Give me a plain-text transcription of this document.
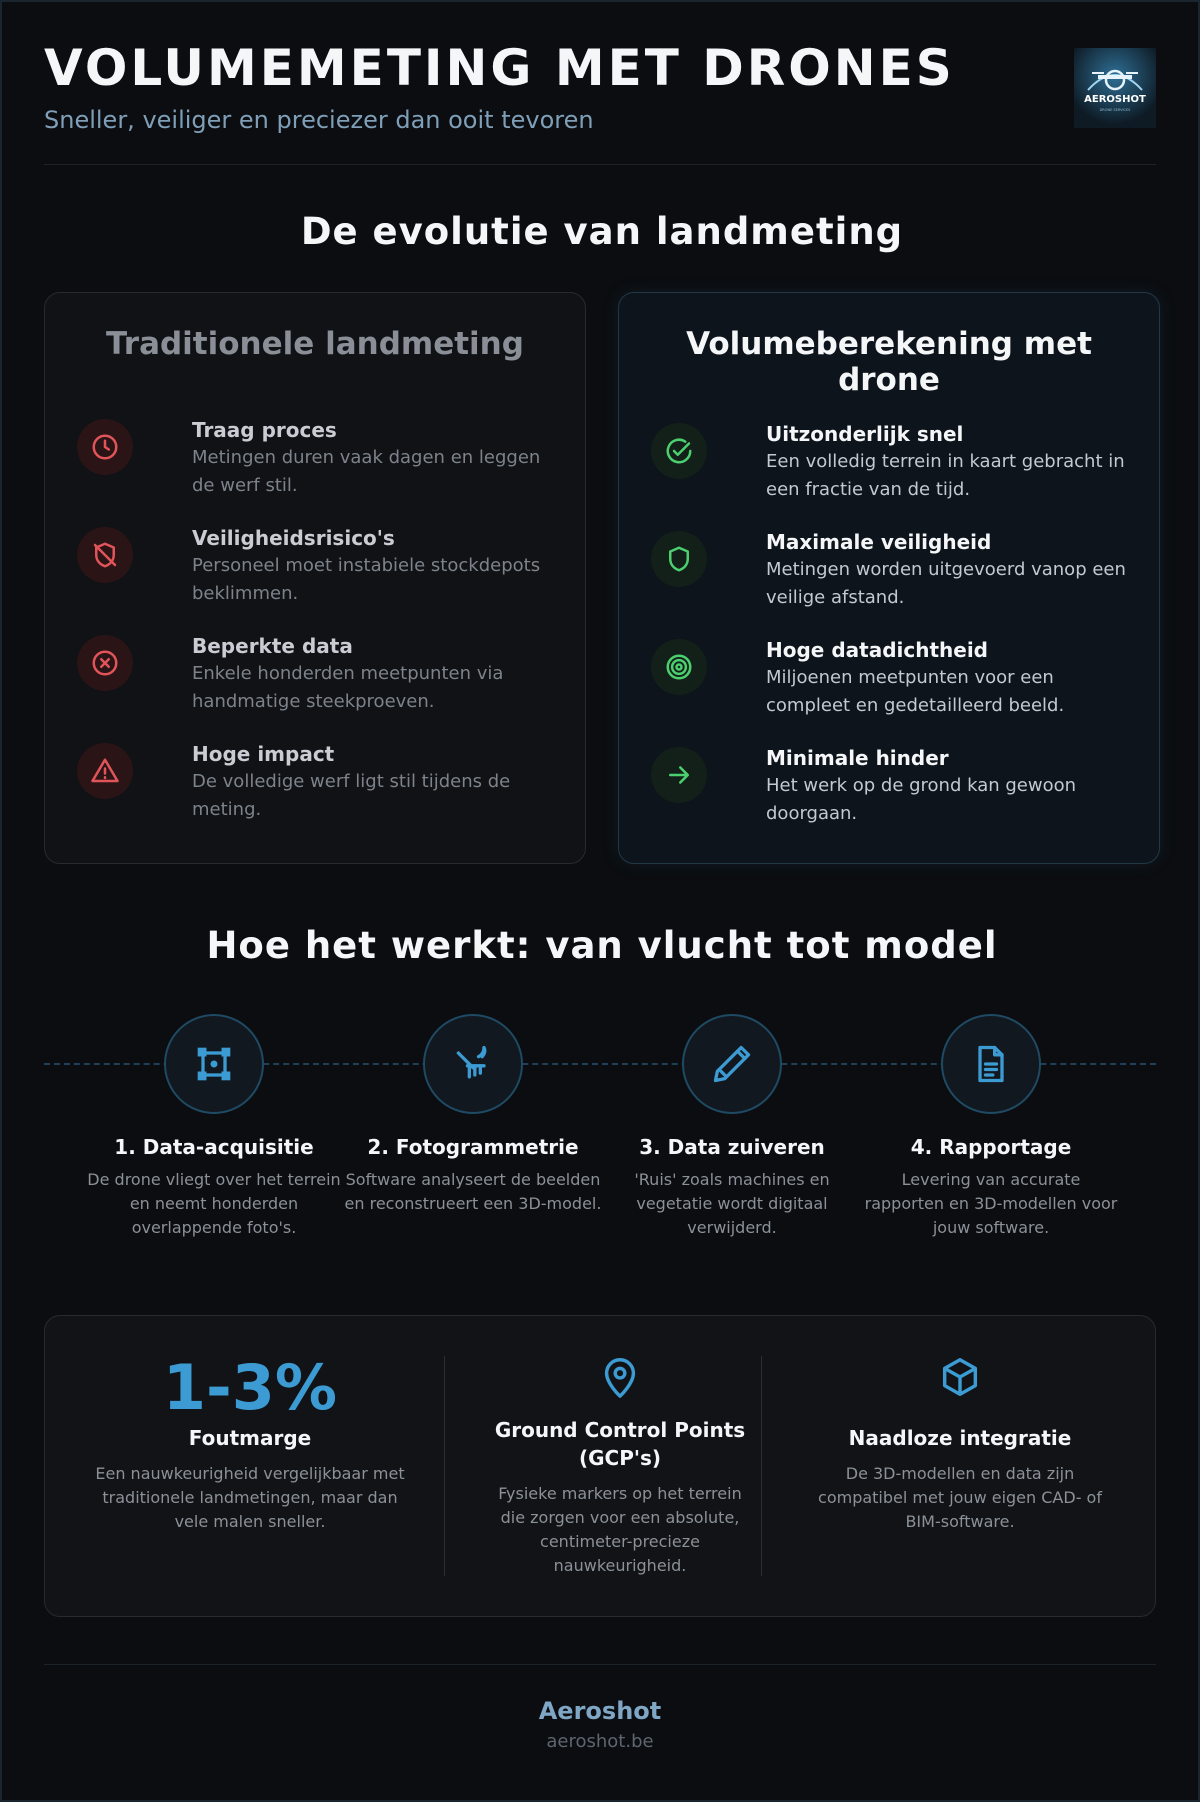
VOLUMEMETING MET DRONES
Sneller, veiliger en preciezer dan ooit tevoren
AEROSHOT
DRONE SERVICES
De evolutie van landmeting
Traditionele landmeting
Traag proces
Metingen duren vaak dagen en leggen de werf stil.
Veiligheidsrisico's
Personeel moet instabiele stockdepots beklimmen.
Beperkte data
Enkele honderden meetpunten via handmatige steekproeven.
Hoge impact
De volledige werf ligt stil tijdens de meting.
Volumeberekening met drone
Uitzonderlijk snel
Een volledig terrein in kaart gebracht in een fractie van de tijd.
Maximale veiligheid
Metingen worden uitgevoerd vanop een veilige afstand.
Hoge datadichtheid
Miljoenen meetpunten voor een compleet en gedetailleerd beeld.
Minimale hinder
Het werk op de grond kan gewoon doorgaan.
Hoe het werkt: van vlucht tot model
1. Data-acquisitie
De drone vliegt over het terrein en neemt honderden overlappende foto's.
2. Fotogrammetrie
Software analyseert de beelden en reconstrueert een 3D-model.
3. Data zuiveren
'Ruis' zoals machines en vegetatie wordt digitaal verwijderd.
4. Rapportage
Levering van accurate rapporten en 3D-modellen voor jouw software.
1-3%
Foutmarge
Een nauwkeurigheid vergelijkbaar met traditionele landmetingen, maar dan vele malen sneller.
Ground Control Points (GCP's)
Fysieke markers op het terrein die zorgen voor een absolute, centimeter-precieze nauwkeurigheid.
Naadloze integratie
De 3D-modellen en data zijn compatibel met jouw eigen CAD- of BIM-software.
Aeroshot
aeroshot.be
